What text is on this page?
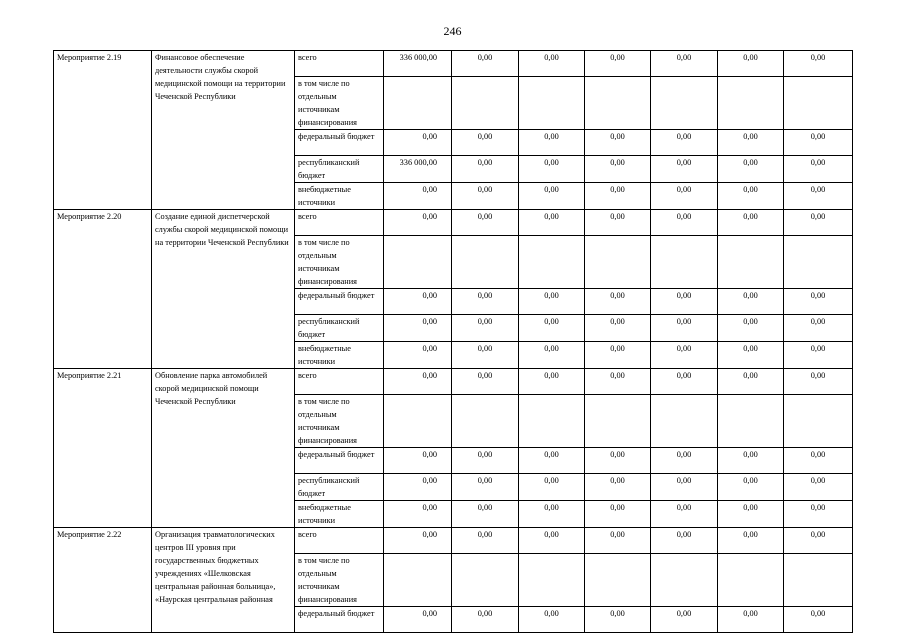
246
Мероприятие 2.19	Финансовое обеспечение деятельности службы скорой медицинской помощи на территории Чеченской Республики	всего	336 000,00	0,00	0,00	0,00	0,00	0,00	0,00
		в том числе по отдельным источникам финансирования							
		федеральный бюджет	0,00	0,00	0,00	0,00	0,00	0,00	0,00
		республиканский бюджет	336 000,00	0,00	0,00	0,00	0,00	0,00	0,00
		внебюджетные источники	0,00	0,00	0,00	0,00	0,00	0,00	0,00
Мероприятие 2.20	Создание единой диспетчерской службы скорой медицинской помощи на территории Чеченской Республики	всего	0,00	0,00	0,00	0,00	0,00	0,00	0,00
		в том числе по отдельным источникам финансирования							
		федеральный бюджет	0,00	0,00	0,00	0,00	0,00	0,00	0,00
		республиканский бюджет	0,00	0,00	0,00	0,00	0,00	0,00	0,00
		внебюджетные источники	0,00	0,00	0,00	0,00	0,00	0,00	0,00
Мероприятие 2.21	Обновление парка автомобилей скорой медицинской помощи Чеченской Республики	всего	0,00	0,00	0,00	0,00	0,00	0,00	0,00
		в том числе по отдельным источникам финансирования							
		федеральный бюджет	0,00	0,00	0,00	0,00	0,00	0,00	0,00
		республиканский бюджет	0,00	0,00	0,00	0,00	0,00	0,00	0,00
		внебюджетные источники	0,00	0,00	0,00	0,00	0,00	0,00	0,00
Мероприятие 2.22	Организация травматологических центров III уровня при государственных бюджетных учреждениях «Шелковская центральная районная больница», «Наурская центральная районная	всего	0,00	0,00	0,00	0,00	0,00	0,00	0,00
		в том числе по отдельным источникам финансирования							
		федеральный бюджет	0,00	0,00	0,00	0,00	0,00	0,00	0,00
